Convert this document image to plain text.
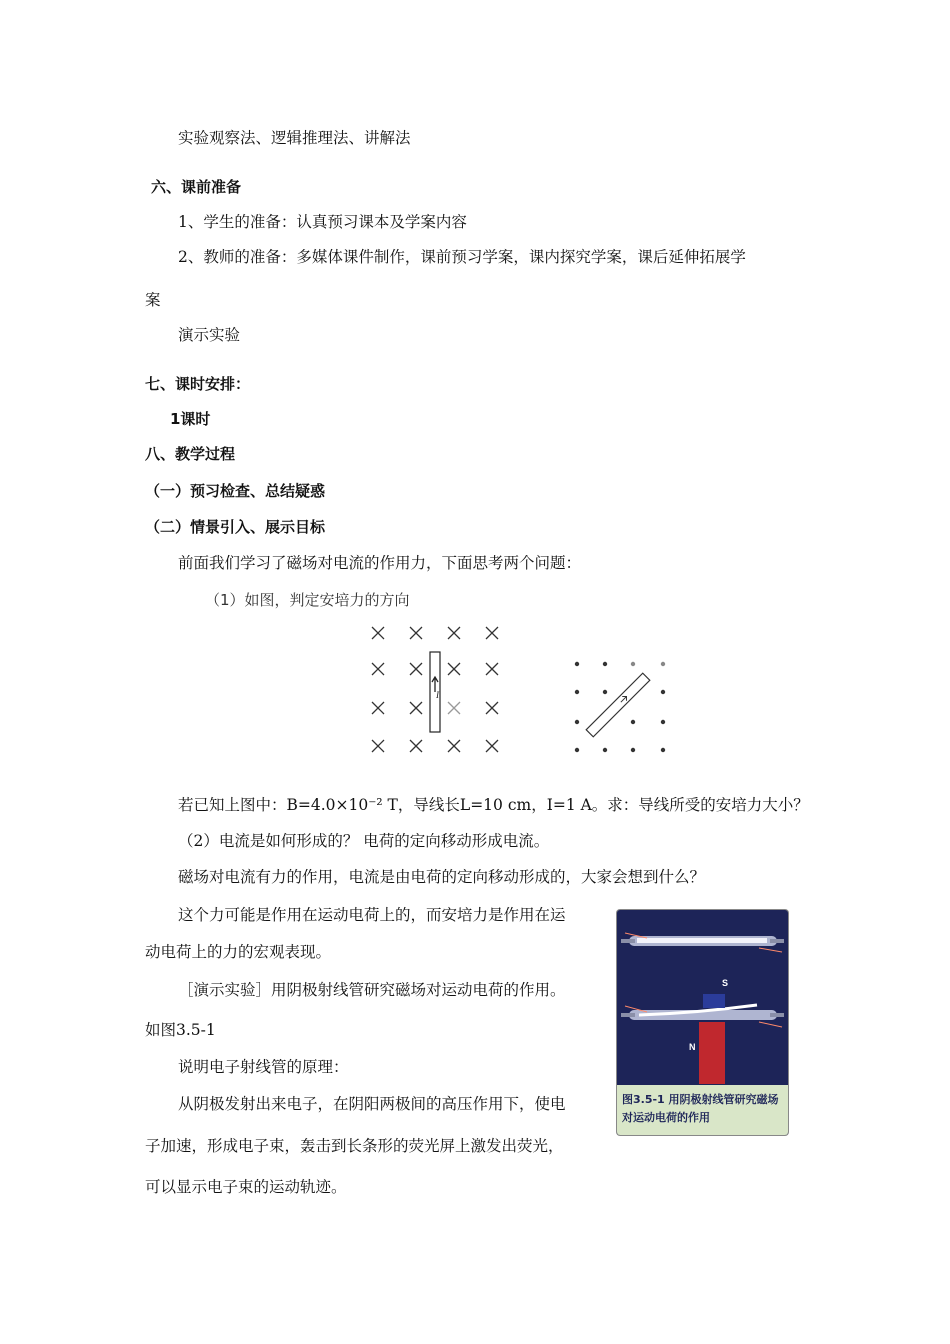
实验观察法、逻辑推理法、讲解法
六、课前准备
1、学生的准备：认真预习课本及学案内容
2、教师的准备：多媒体课件制作，课前预习学案，课内探究学案，课后延伸拓展学
案
演示实验
七、课时安排：
1课时
八、教学过程
（一）预习检查、总结疑惑
（二）情景引入、展示目标
前面我们学习了磁场对电流的作用力，下面思考两个问题：
（1）如图，判定安培力的方向
I
若已知上图中：B=4.0×10⁻² T，导线长L=10 cm，I=1 A。求：导线所受的安培力大小？
（2）电流是如何形成的？ 电荷的定向移动形成电流。
磁场对电流有力的作用，电流是由电荷的定向移动形成的，大家会想到什么？
这个力可能是作用在运动电荷上的，而安培力是作用在运
动电荷上的力的宏观表现。
［演示实验］用阴极射线管研究磁场对运动电荷的作用。
如图3.5-1
说明电子射线管的原理：
从阴极发射出来电子，在阴阳两极间的高压作用下，使电
子加速，形成电子束，轰击到长条形的荧光屏上激发出荧光，
可以显示电子束的运动轨迹。
S
N
图3.5-1 用阴极射线管研究磁场对运动电荷的作用
